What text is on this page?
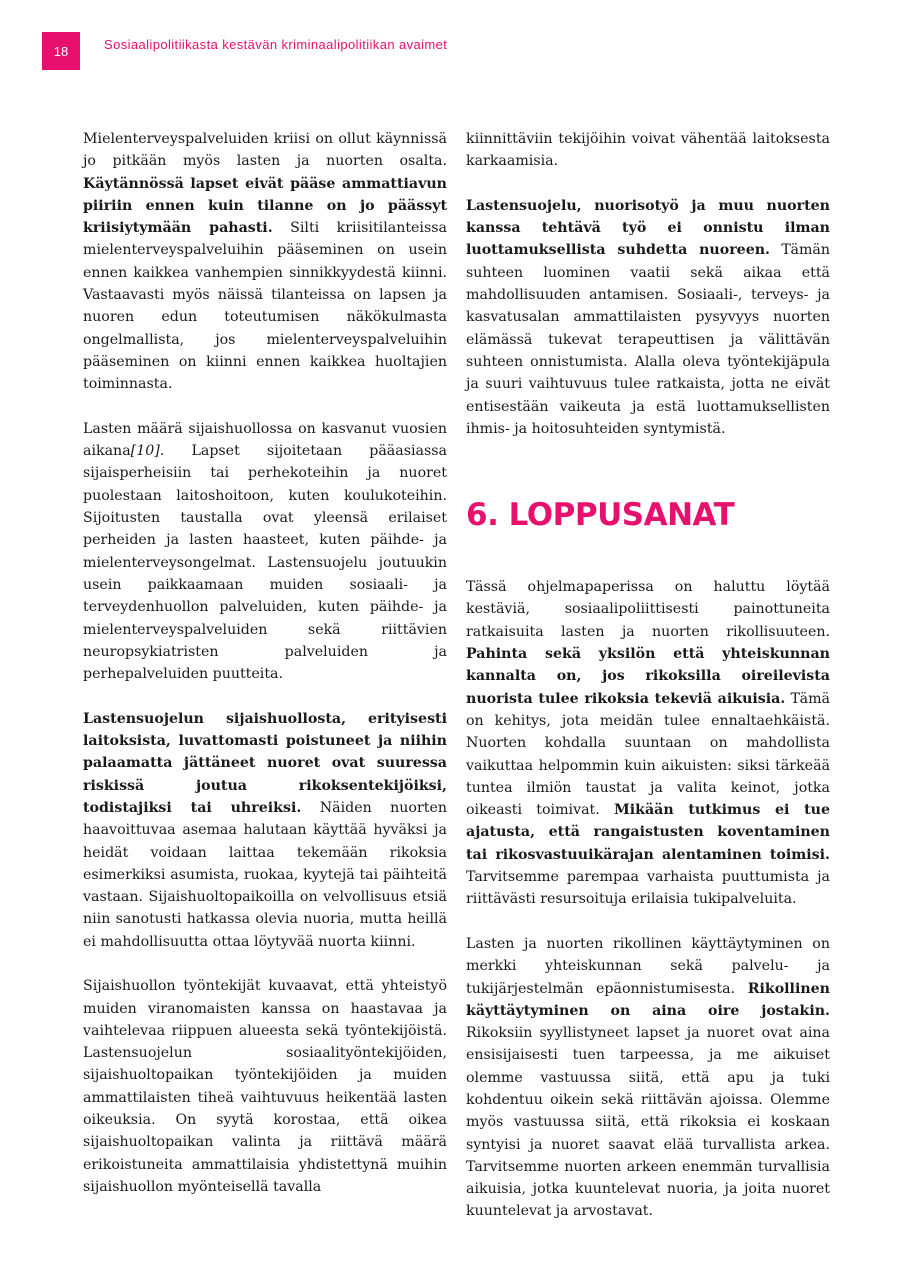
18	Sosiaalipolitiikasta kestävän kriminaalipolitiikan avaimet

Mielenterveyspalveluiden kriisi on ollut käynnissä jo pitkään myös lasten ja nuorten osalta. Käytännössä lapset eivät pääse ammattiavun piiriin ennen kuin tilanne on jo päässyt kriisiytymään pahasti. Silti kriisitilanteissa mielenterveyspalveluihin pääseminen on usein ennen kaikkea vanhempien sinnikkyydestä kiinni. Vastaavasti myös näissä tilanteissa on lapsen ja nuoren edun toteutumisen näkökulmasta ongelmallista, jos mielenterveyspalveluihin pääseminen on kiinni ennen kaikkea huoltajien toiminnasta.

Lasten määrä sijaishuollossa on kasvanut vuosien aikana[10]. Lapset sijoitetaan pääasiassa sijaisperheisiin tai perhekoteihin ja nuoret puolestaan laitoshoitoon, kuten koulukoteihin. Sijoitusten taustalla ovat yleensä erilaiset perheiden ja lasten haasteet, kuten päihde- ja mielenterveysongelmat. Lastensuojelu joutuukin usein paikkaamaan muiden sosiaali- ja terveydenhuollon palveluiden, kuten päihde- ja mielenterveyspalveluiden sekä riittävien neuropsykiatristen palveluiden ja perhepalveluiden puutteita.

Lastensuojelun sijaishuollosta, erityisesti laitoksista, luvattomasti poistuneet ja niihin palaamatta jättäneet nuoret ovat suuressa riskissä joutua rikoksentekijöiksi, todistajiksi tai uhreiksi. Näiden nuorten haavoittuvaa asemaa halutaan käyttää hyväksi ja heidät voidaan laittaa tekemään rikoksia esimerkiksi asumista, ruokaa, kyytejä tai päihteitä vastaan. Sijaishuoltopaikoilla on velvollisuus etsiä niin sanotusti hatkassa olevia nuoria, mutta heillä ei mahdollisuutta ottaa löytyvää nuorta kiinni.

Sijaishuollon työntekijät kuvaavat, että yhteistyö muiden viranomaisten kanssa on haastavaa ja vaihtelevaa riippuen alueesta sekä työntekijöistä. Lastensuojelun sosiaalityöntekijöiden, sijaishuoltopaikan työntekijöiden ja muiden ammattilaisten tiheä vaihtuvuus heikentää lasten oikeuksia. On syytä korostaa, että oikea sijaishuoltopaikan valinta ja riittävä määrä erikoistuneita ammattilaisia yhdistettynä muihin sijaishuollon myönteisellä tavalla

kiinnittäviin tekijöihin voivat vähentää laitoksesta karkaamisia.

Lastensuojelu, nuorisotyö ja muu nuorten kanssa tehtävä työ ei onnistu ilman luottamuksellista suhdetta nuoreen. Tämän suhteen luominen vaatii sekä aikaa että mahdollisuuden antamisen. Sosiaali-, terveys- ja kasvatusalan ammattilaisten pysyvyys nuorten elämässä tukevat terapeuttisen ja välittävän suhteen onnistumista. Alalla oleva työntekijäpula ja suuri vaihtuvuus tulee ratkaista, jotta ne eivät entisestään vaikeuta ja estä luottamuksellisten ihmis- ja hoitosuhteiden syntymistä.

6. LOPPUSANAT

Tässä ohjelmapaperissa on haluttu löytää kestäviä, sosiaalipoliittisesti painottuneita ratkaisuita lasten ja nuorten rikollisuuteen. Pahinta sekä yksilön että yhteiskunnan kannalta on, jos rikoksilla oireilevista nuorista tulee rikoksia tekeviä aikuisia. Tämä on kehitys, jota meidän tulee ennaltaehkäistä. Nuorten kohdalla suuntaan on mahdollista vaikuttaa helpommin kuin aikuisten: siksi tärkeää tuntea ilmiön taustat ja valita keinot, jotka oikeasti toimivat. Mikään tutkimus ei tue ajatusta, että rangaistusten koventaminen tai rikosvastuuikärajan alentaminen toimisi. Tarvitsemme parempaa varhaista puuttumista ja riittävästi resursoituja erilaisia tukipalveluita.

Lasten ja nuorten rikollinen käyttäytyminen on merkki yhteiskunnan sekä palvelu- ja tukijärjestelmän epäonnistumisesta. Rikollinen käyttäytyminen on aina oire jostakin. Rikoksiin syyllistyneet lapset ja nuoret ovat aina ensisijaisesti tuen tarpeessa, ja me aikuiset olemme vastuussa siitä, että apu ja tuki kohdentuu oikein sekä riittävän ajoissa. Olemme myös vastuussa siitä, että rikoksia ei koskaan syntyisi ja nuoret saavat elää turvallista arkea. Tarvitsemme nuorten arkeen enemmän turvallisia aikuisia, jotka kuuntelevat nuoria, ja joita nuoret kuuntelevat ja arvostavat.
